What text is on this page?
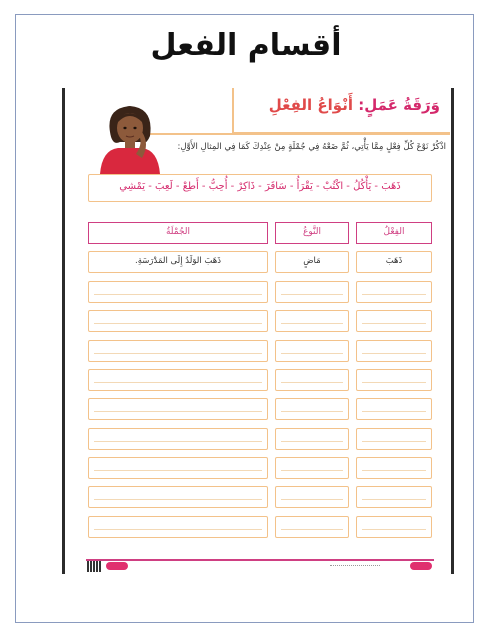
أقسام الفعل
وَرَقَةُ عَمَلٍ: أَنْوَاعُ الفِعْلِ
اذْكُرْ نَوْعَ كُلِّ فِعْلٍ مِمَّا يَأْتِي، ثُمَّ ضَعْهُ فِي جُمْلَةٍ مِنْ عِنْدِكَ كَمَا فِي المِثالِ الأَوَّلِ:
ذَهَبَ - يَأْكُلُ - اكْتُبْ - يَقْرَأُ - سَافَرَ - ذَاكِرْ - أُحِبُّ - أَطِعْ - لَعِبَ - يَمْشِي
الفِعْلُ
النَّوعُ
الجُمْلَةُ
ذَهَبَ
مَاضٍ
ذَهَبَ الوَلَدُ إِلَى المَدْرَسَةِ.
